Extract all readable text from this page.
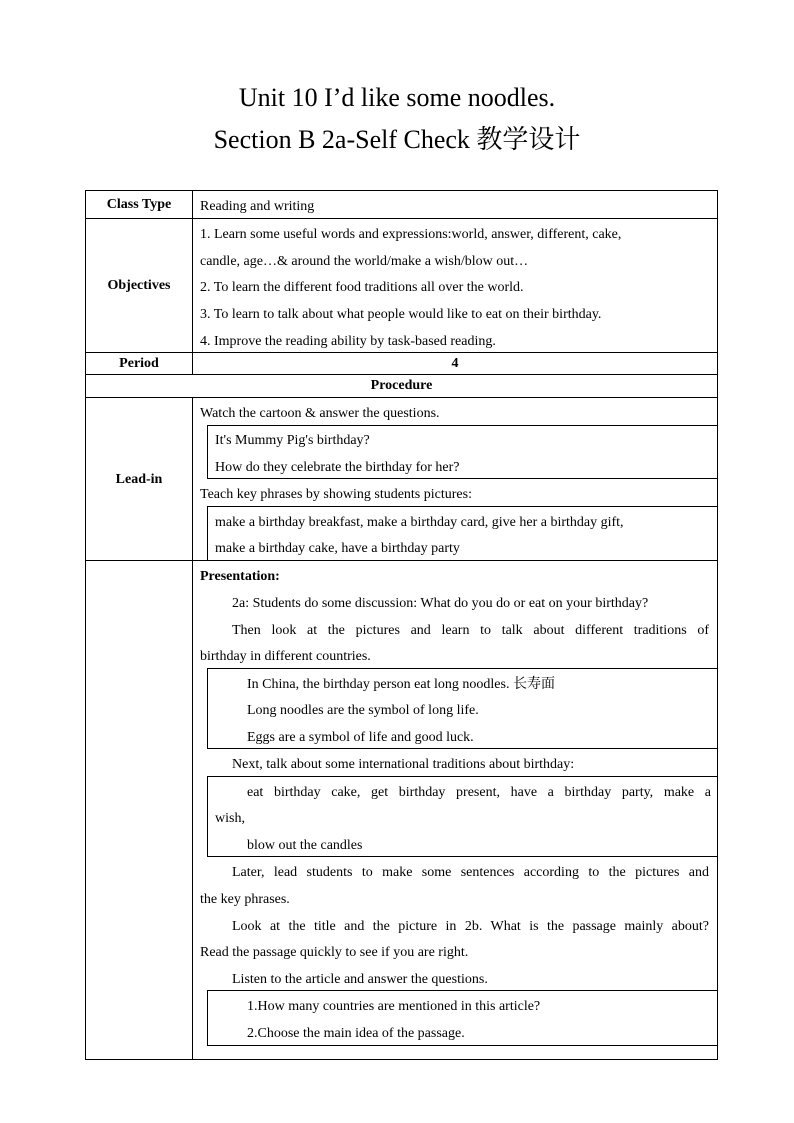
Unit 10 I’d like some noodles.
Section B 2a-Self Check 教学设计
Class Type	Reading and writing
Objectives
1. Learn some useful words and expressions:world, answer, different, cake,
candle, age…& around the world/make a wish/blow out…
2. To learn the different food traditions all over the world.
3. To learn to talk about what people would like to eat on their birthday.
4. Improve the reading ability by task-based reading.
Period	4
Procedure
Lead-in
Watch the cartoon & answer the questions.
It's Mummy Pig's birthday?
How do they celebrate the birthday for her?
Teach key phrases by showing students pictures:
make a birthday breakfast, make a birthday card, give her a birthday gift,
make a birthday cake, have a birthday party
Presentation:
2a: Students do some discussion: What do you do or eat on your birthday?
Then look at the pictures and learn to talk about different traditions of
birthday in different countries.
In China, the birthday person eat long noodles. 长寿面
Long noodles are the symbol of long life.
Eggs are a symbol of life and good luck.
Next, talk about some international traditions about birthday:
eat birthday cake, get birthday present, have a birthday party, make a
wish,
blow out the candles
Later, lead students to make some sentences according to the pictures and
the key phrases.
Look at the title and the picture in 2b. What is the passage mainly about?
Read the passage quickly to see if you are right.
Listen to the article and answer the questions.
1.How many countries are mentioned in this article?
2.Choose the main idea of the passage.
